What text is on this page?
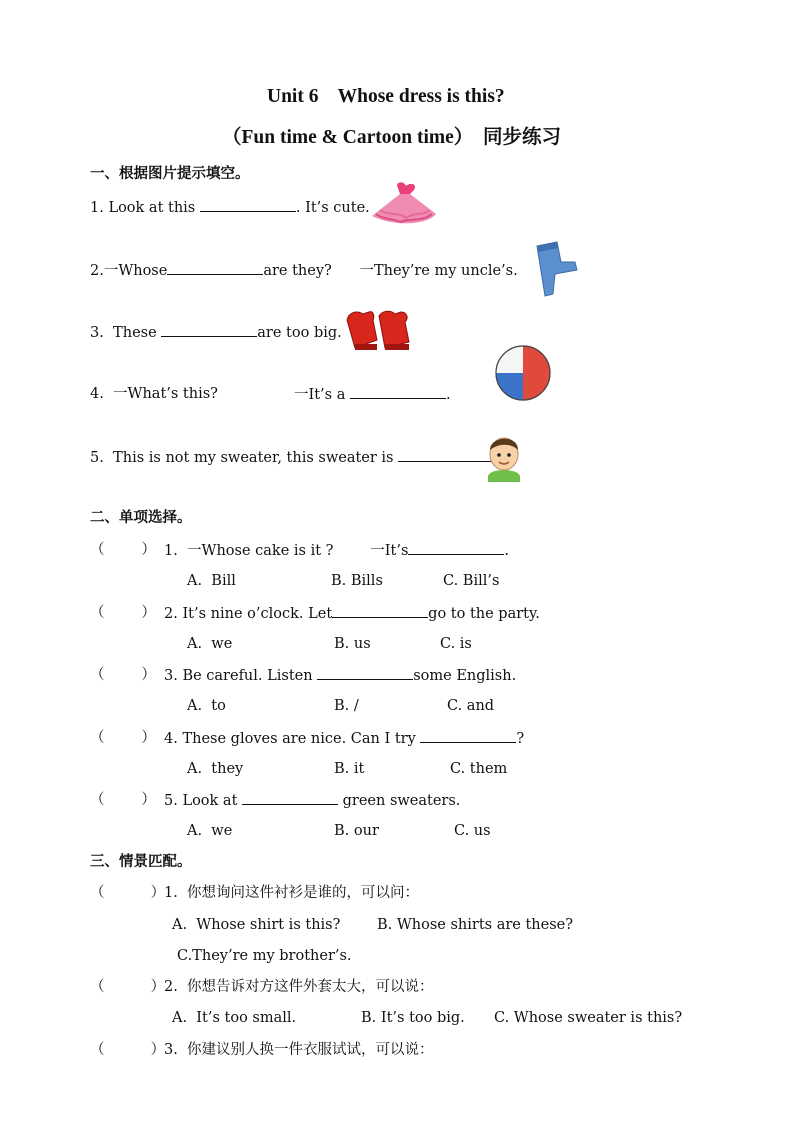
Unit 6    Whose dress is this?
（Fun time & Cartoon time）  同步练习
一、根据图片提示填空。
1. Look at this	. It’s cute.
2.一Whose	are they?      一They’re my uncle’s.
3.  These	are too big.
4.  一What’s this?	一It’s a	.
5.  This is not my sweater, this sweater is
二、单项选择。
（        ） 1.  一Whose cake is it ?        一It’s	.
A.  Bill	B. Bills	C. Bill’s
（        ） 2. It’s nine o’clock. Let	go to the party.
A.  we	B. us	C. is
（        ） 3. Be careful. Listen	some English.
A.  to	B. /	C. and
（        ） 4. These gloves are nice. Can I try	?
A.  they	B. it	C. them
（        ） 5. Look at	green sweaters.
A.  we	B. our	C. us
三、情景匹配。
（          ）
1.  你想询问这件衬衫是谁的，可以问：
A.  Whose shirt is this?	B. Whose shirts are these?
C.They’re my brother’s.
（          ）
2.  你想告诉对方这件外套太大，可以说：
A.  It’s too small.	B. It’s too big. C. Whose sweater is this?
（          ）
3.  你建议别人换一件衣服试试，可以说：
